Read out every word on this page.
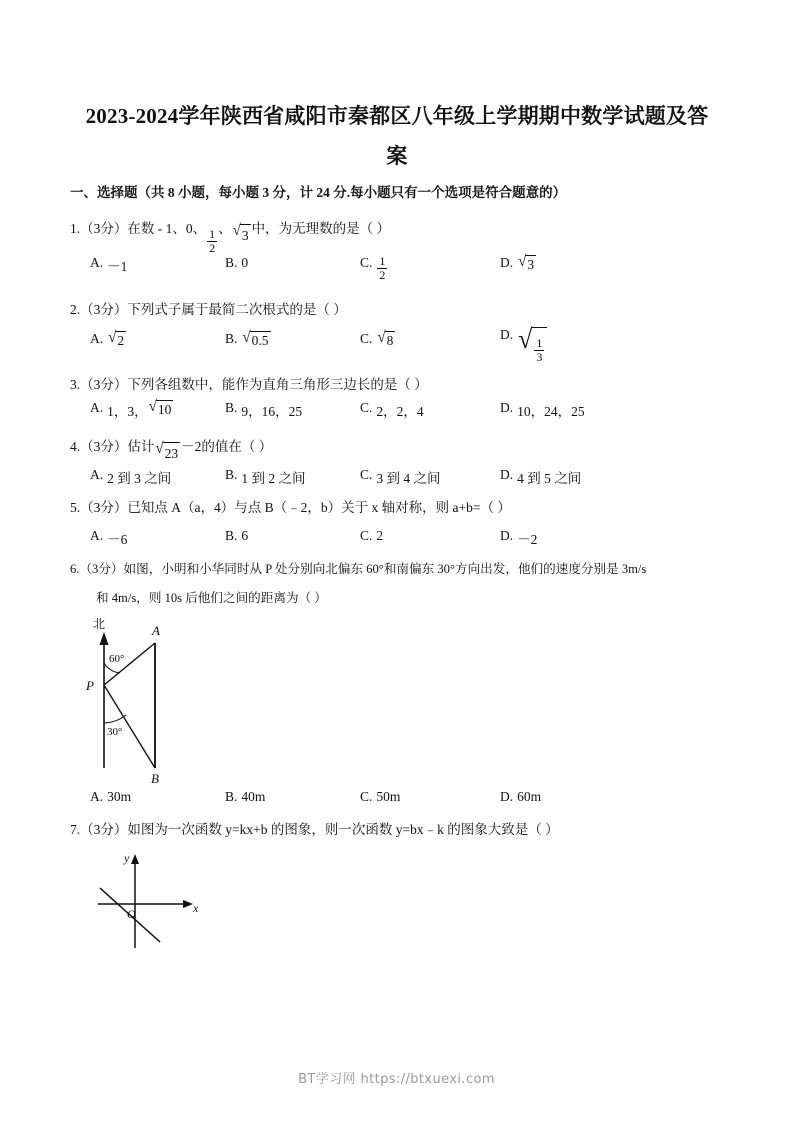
2023-2024学年陕西省咸阳市秦都区八年级上学期期中数学试题及答
案
一、选择题（共 8 小题，每小题 3 分，计 24 分.每小题只有一个选项是符合题意的）
1.（3分）在数 - 1、0、 $\frac{1}{2}$ 、 √ 3 中，为无理数的是（ ）
A. －1	B. 0	C. $\frac{1}{2}$	D. √ 3
2.（3分）下列式子属于最简二次根式的是（ ）
A. √ 2	B. √ 0.5	C. √ 8	D. √ $\frac{1}{3}$
3.（3分）下列各组数中，能作为直角三角形三边长的是（ ）
A. 1，3， √ 10	B. 9，16，25	C. 2，2，4	D. 10，24，25
4.（3分）估计 √ 23 －2的值在（ ）
A. 2 到 3 之间	B. 1 到 2 之间	C. 3 到 4 之间	D. 4 到 5 之间
5.（3分）已知点 A（a，4）与点 B（﹣2，b）关于 x 轴对称，则 a+b=（ ）
A. －6	B. 6	C. 2	D. －2
6.（3分）如图，小明和小华同时从 P 处分别向北偏东 60°和南偏东 30°方向出发，他们的速度分别是 3m/s
和 4m/s，则 10s 后他们之间的距离为（ ）
北
P
A
B
60°
30°
A. 30m	B. 40m	C. 50m	D. 60m
7.（3分）如图为一次函数 y=kx+b 的图象，则一次函数 y=bx﹣k 的图象大致是（ ）
O	x
y
BT学习网 https://btxuexi.com
